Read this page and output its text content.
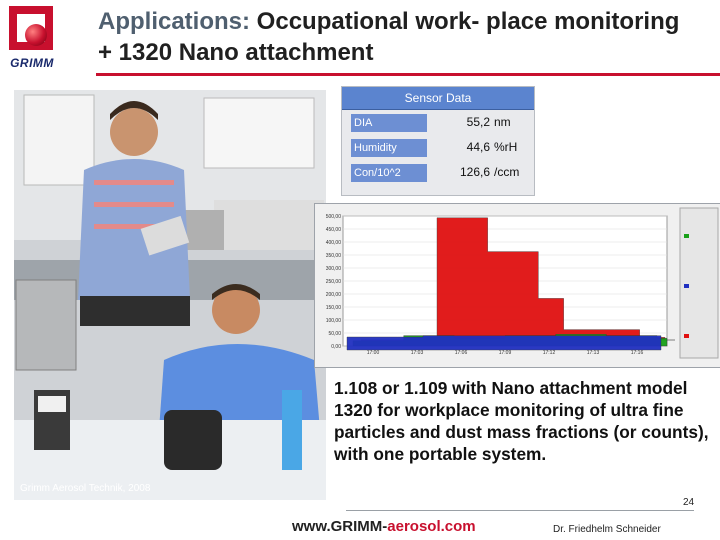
GRIMM
Applications: Occupational work- place monitoring + 1320 Nano attachment
Grimm Aerosol Technik, 2008
Sensor Data
DIA	55,2 nm
Humidity	44,6 %rH
Con/10^2	126,6 /ccm
500,00
450,00
400,00
350,00
300,00
250,00
200,00
150,00
100,00
50,00
0,00
17:00	17:03	17:06	17:09	17:12	17:13	17:16
1.108 or 1.109 with Nano attachment model 1320 for workplace monitoring of ultra fine particles and dust mass fractions (or counts), with one portable system.
www.GRIMM-aerosol.com	Dr. Friedhelm Schneider
24
